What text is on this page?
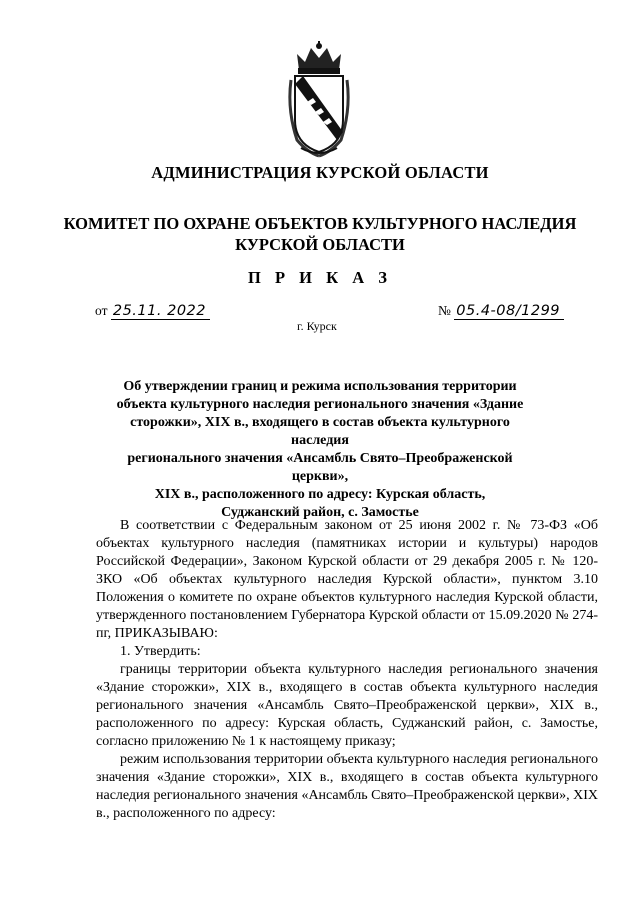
АДМИНИСТРАЦИЯ КУРСКОЙ ОБЛАСТИ
КОМИТЕТ ПО ОХРАНЕ ОБЪЕКТОВ КУЛЬТУРНОГО НАСЛЕДИЯ
КУРСКОЙ ОБЛАСТИ
П Р И К А З
от 25.11. 2022	№ 05.4-08/1299
г. Курск
Об утверждении границ и режима использования территории
объекта культурного наследия регионального значения «Здание
сторожки», XIX в., входящего в состав объекта культурного наследия
регионального значения «Ансамбль Свято–Преображенской церкви»,
XIX в., расположенного по адресу: Курская область,
Суджанский район, с. Замостье

В соответствии с Федеральным законом от 25 июня 2002 г. № 73-ФЗ «Об объектах культурного наследия (памятниках истории и культуры) народов Российской Федерации», Законом Курской области от 29 декабря 2005 г. № 120-ЗКО «Об объектах культурного наследия Курской области», пунктом 3.10 Положения о комитете по охране объектов культурного наследия Курской области, утвержденного постановлением Губернатора Курской области от 15.09.2020 № 274-пг, ПРИКАЗЫВАЮ:

1. Утвердить:

границы территории объекта культурного наследия регионального значения «Здание сторожки», XIX в., входящего в состав объекта культурного наследия регионального значения «Ансамбль Свято–Преображенской церкви», XIX в., расположенного по адресу: Курская область, Суджанский район, с. Замостье, согласно приложению № 1 к настоящему приказу;

режим использования территории объекта культурного наследия регионального значения «Здание сторожки», XIX в., входящего в состав объекта культурного наследия регионального значения «Ансамбль Свято–Преображенской церкви», XIX в., расположенного по адресу:
